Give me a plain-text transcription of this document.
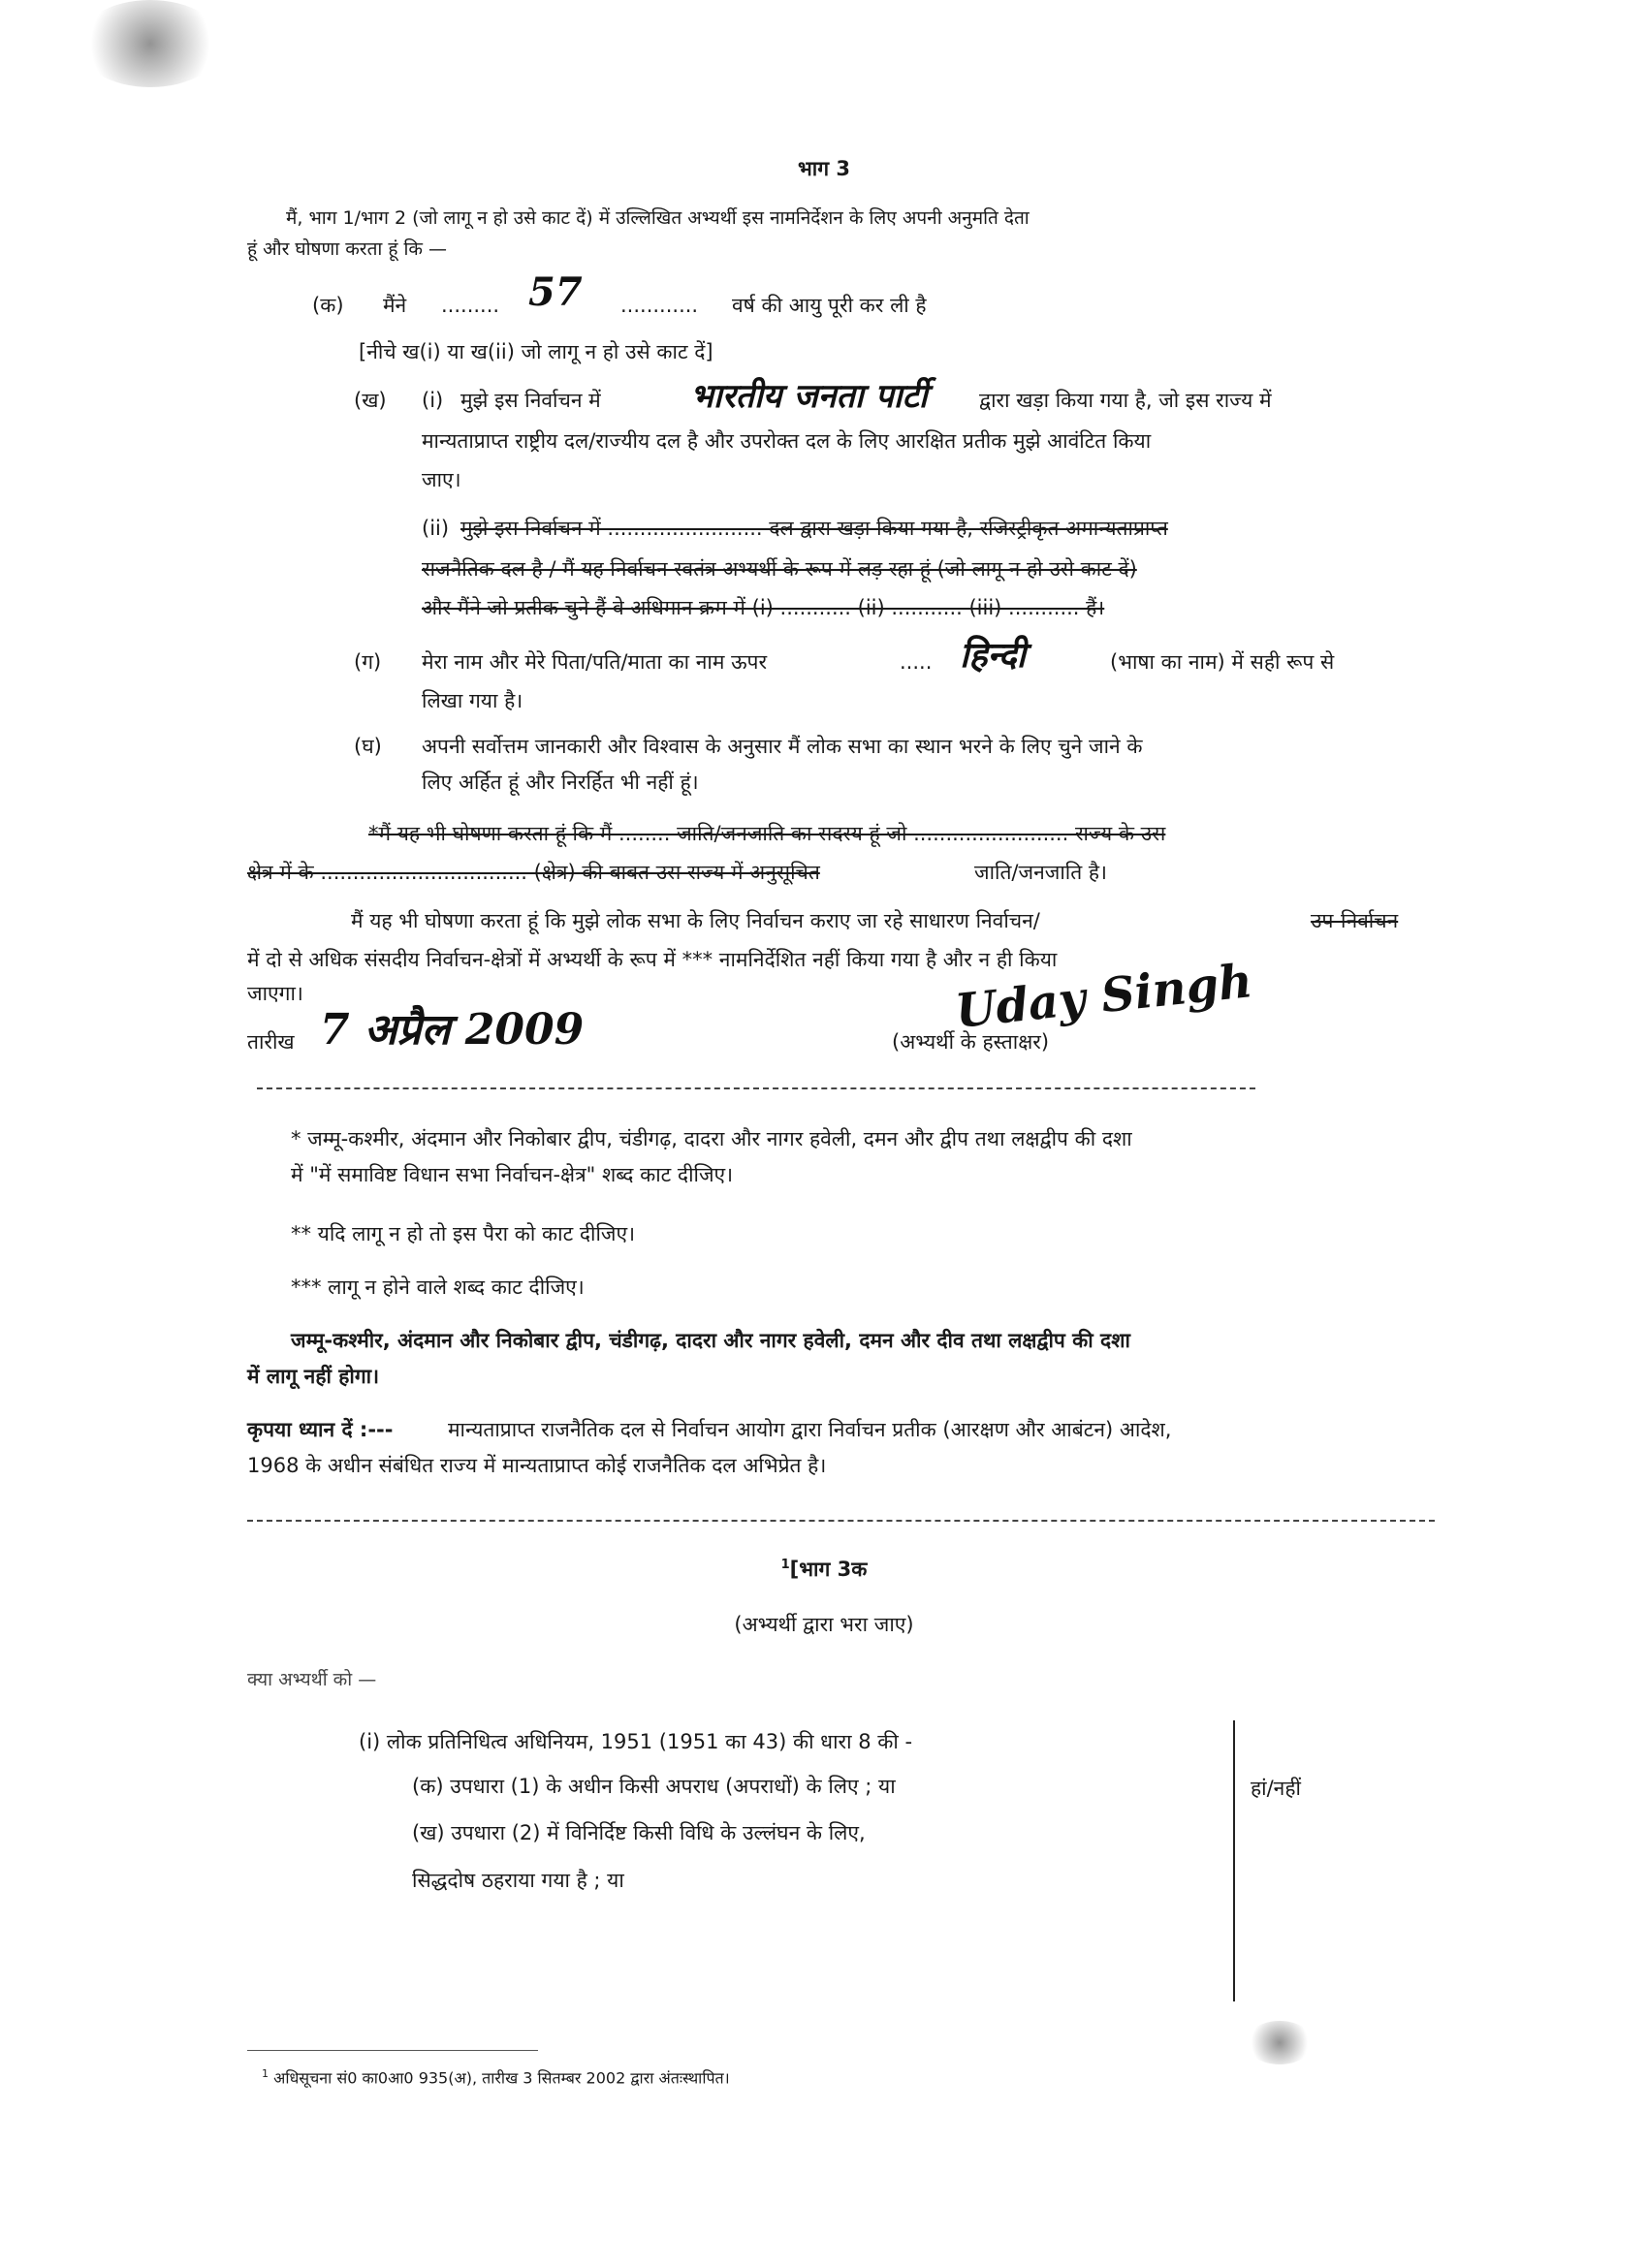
भाग 3
मैं, भाग 1/भाग 2 (जो लागू न हो उसे काट दें) में उल्लिखित अभ्यर्थी इस नामनिर्देशन के लिए अपनी अनुमति देता
हूं और घोषणा करता हूं कि —
(क) मैंने ......... 57 ............ वर्ष की आयु पूरी कर ली है
[नीचे ख(i) या ख(ii) जो लागू न हो उसे काट दें]
(ख) (i) मुझे इस निर्वाचन में	भारतीय जनता पार्टी	द्वारा खड़ा किया गया है, जो इस राज्य में
मान्यताप्राप्त राष्ट्रीय दल/राज्यीय दल है और उपरोक्त दल के लिए आरक्षित प्रतीक मुझे आवंटित किया
जाए।
(ii) मुझे इस निर्वाचन में ........................ दल द्वारा खड़ा किया गया है, रजिस्ट्रीकृत अमान्यताप्राप्त
राजनैतिक दल है / मैं यह निर्वाचन स्वतंत्र अभ्यर्थी के रूप में लड़ रहा हूं (जो लागू न हो उसे काट दें)
और मैंने जो प्रतीक चुने हैं वे अधिमान क्रम में (i) ........... (ii) ........... (iii) ........... हैं।
(ग) मेरा नाम और मेरे पिता/पति/माता का नाम ऊपर	..... हिन्दी	(भाषा का नाम) में सही रूप से
लिखा गया है।
(घ) अपनी सर्वोत्तम जानकारी और विश्वास के अनुसार मैं लोक सभा का स्थान भरने के लिए चुने जाने के
लिए अर्हित हूं और निरर्हित भी नहीं हूं।
*मैं यह भी घोषणा करता हूं कि मैं ........ जाति/जनजाति का सदस्य हूं जो ........................ राज्य के उस
क्षेत्र में के ................................ (क्षेत्र) की बाबत उस राज्य में अनुसूचित	जाति/जनजाति है।
मैं यह भी घोषणा करता हूं कि मुझे लोक सभा के लिए निर्वाचन कराए जा रहे साधारण निर्वाचन/	उप-निर्वाचन
में दो से अधिक संसदीय निर्वाचन-क्षेत्रों में अभ्यर्थी के रूप में *** नामनिर्देशित नहीं किया गया है और न ही किया
जाएगा।
तारीख 7 अप्रैल 2009	Uday Singh
(अभ्यर्थी के हस्ताक्षर)
* जम्मू-कश्मीर, अंदमान और निकोबार द्वीप, चंडीगढ़, दादरा और नागर हवेली, दमन और द्वीप तथा लक्षद्वीप की दशा
में "में समाविष्ट विधान सभा निर्वाचन-क्षेत्र" शब्द काट दीजिए।
** यदि लागू न हो तो इस पैरा को काट दीजिए।
*** लागू न होने वाले शब्द काट दीजिए।
जम्मू-कश्मीर, अंदमान और निकोबार द्वीप, चंडीगढ़, दादरा और नागर हवेली, दमन और दीव तथा लक्षद्वीप की दशा
में लागू नहीं होगा।
कृपया ध्यान दें :---	मान्यताप्राप्त राजनैतिक दल से निर्वाचन आयोग द्वारा निर्वाचन प्रतीक (आरक्षण और आबंटन) आदेश,
1968 के अधीन संबंधित राज्य में मान्यताप्राप्त कोई राजनैतिक दल अभिप्रेत है।
$^1$[भाग 3क
(अभ्यर्थी द्वारा भरा जाए)
क्या अभ्यर्थी को —
(i) लोक प्रतिनिधित्व अधिनियम, 1951 (1951 का 43) की धारा 8 की -
(क) उपधारा (1) के अधीन किसी अपराध (अपराधों) के लिए ; या
(ख) उपधारा (2) में विनिर्दिष्ट किसी विधि के उल्लंघन के लिए,
सिद्धदोष ठहराया गया है ; या
हां/नहीं
$^1$ अधिसूचना सं0 का0आ0 935(अ), तारीख 3 सितम्बर 2002 द्वारा अंतःस्थापित।
